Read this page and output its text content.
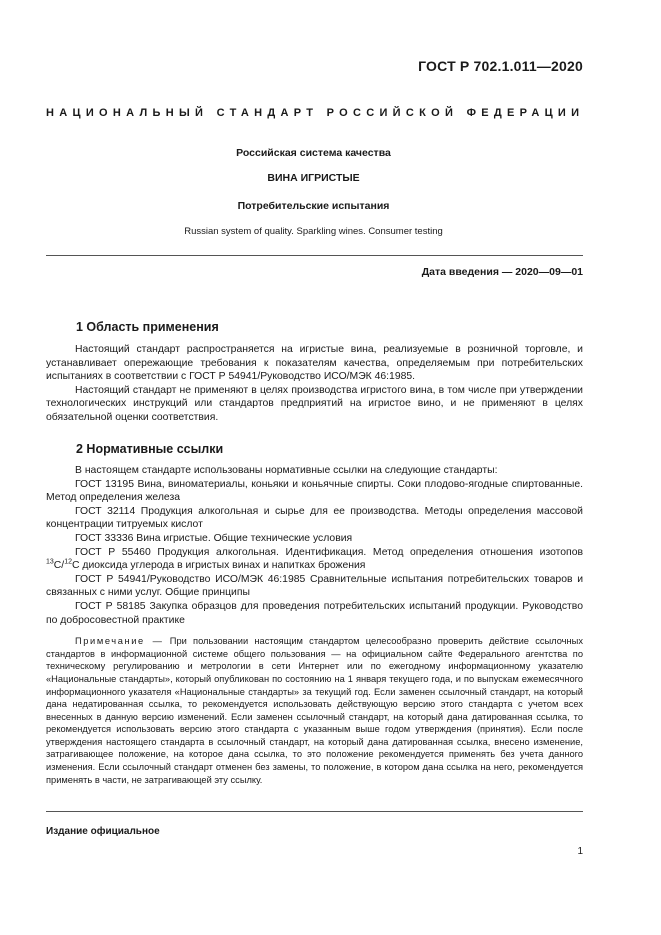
ГОСТ Р 702.1.011—2020
НАЦИОНАЛЬНЫЙ СТАНДАРТ РОССИЙСКОЙ ФЕДЕРАЦИИ
Российская система качества
ВИНА ИГРИСТЫЕ
Потребительские испытания
Russian system of quality. Sparkling wines. Consumer testing
Дата введения — 2020—09—01
1 Область применения

Настоящий стандарт распространяется на игристые вина, реализуемые в розничной торговле, и устанавливает опережающие требования к показателям качества, определяемым при потребительских испытаниях в соответствии с ГОСТ Р 54941/Руководство ИСО/МЭК 46:1985.

Настоящий стандарт не применяют в целях производства игристого вина, в том числе при утверждении технологических инструкций или стандартов предприятий на игристое вино, и не применяют в целях обязательной оценки соответствия.

2 Нормативные ссылки

В настоящем стандарте использованы нормативные ссылки на следующие стандарты:

ГОСТ 13195 Вина, виноматериалы, коньяки и коньячные спирты. Соки плодово-ягодные спиртованные. Метод определения железа

ГОСТ 32114 Продукция алкогольная и сырье для ее производства. Методы определения массовой концентрации титруемых кислот

ГОСТ 33336 Вина игристые. Общие технические условия

ГОСТ Р 55460 Продукция алкогольная. Идентификация. Метод определения отношения изотопов $^{13}$C/$^{12}$C диоксида углерода в игристых винах и напитках брожения

ГОСТ Р 54941/Руководство ИСО/МЭК 46:1985 Сравнительные испытания потребительских товаров и связанных с ними услуг. Общие принципы

ГОСТ Р 58185 Закупка образцов для проведения потребительских испытаний продукции. Руководство по добросовестной практике

Примечание — При пользовании настоящим стандартом целесообразно проверить действие ссылочных стандартов в информационной системе общего пользования — на официальном сайте Федерального агентства по техническому регулированию и метрологии в сети Интернет или по ежегодному информационному указателю «Национальные стандарты», который опубликован по состоянию на 1 января текущего года, и по выпускам ежемесячного информационного указателя «Национальные стандарты» за текущий год. Если заменен ссылочный стандарт, на который дана недатированная ссылка, то рекомендуется использовать действующую версию этого стандарта с учетом всех внесенных в данную версию изменений. Если заменен ссылочный стандарт, на который дана датированная ссылка, то рекомендуется использовать версию этого стандарта с указанным выше годом утверждения (принятия). Если после утверждения настоящего стандарта в ссылочный стандарт, на который дана датированная ссылка, внесено изменение, затрагивающее положение, на которое дана ссылка, то это положение рекомендуется применять без учета данного изменения. Если ссылочный стандарт отменен без замены, то положение, в котором дана ссылка на него, рекомендуется применять в части, не затрагивающей эту ссылку.

Издание официальное
1
